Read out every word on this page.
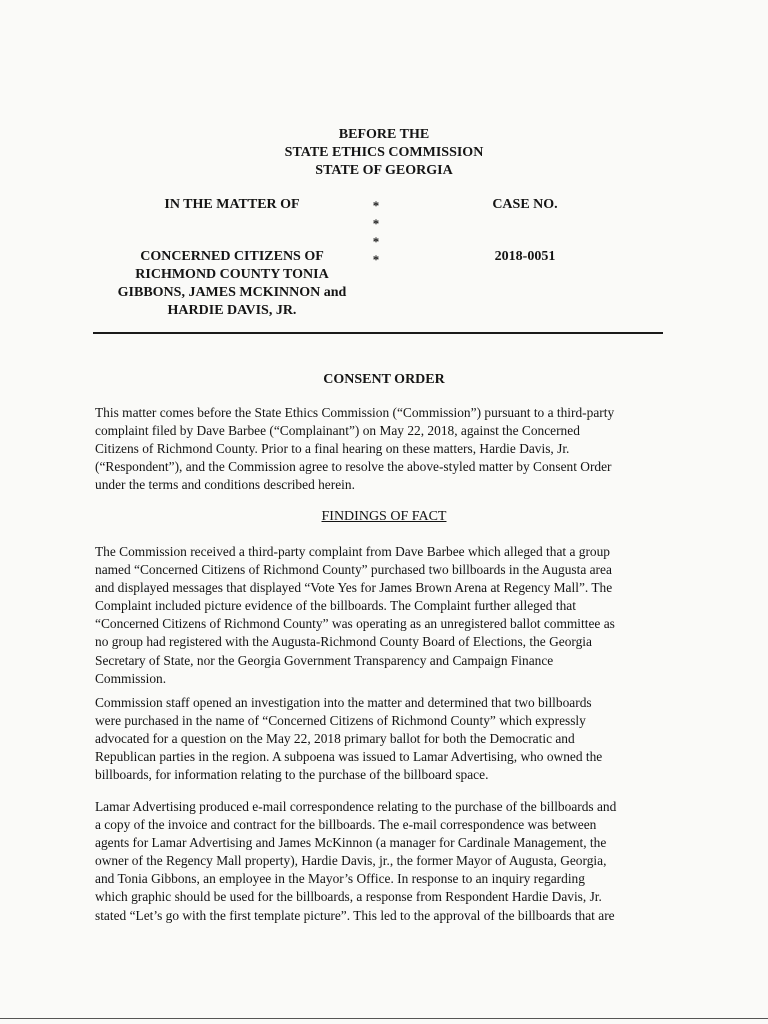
BEFORE THE
STATE ETHICS COMMISSION
STATE OF GEORGIA
IN THE MATTER OF	CASE NO.
*
*
*
*
CONCERNED CITIZENS OF
RICHMOND COUNTY TONIA
GIBBONS, JAMES MCKINNON and
HARDIE DAVIS, JR.
2018-0051
CONSENT ORDER
This matter comes before the State Ethics Commission (“Commission”) pursuant to a third-party
complaint filed by Dave Barbee (“Complainant”) on May 22, 2018, against the Concerned
Citizens of Richmond County. Prior to a final hearing on these matters, Hardie Davis, Jr.
(“Respondent”), and the Commission agree to resolve the above-styled matter by Consent Order
under the terms and conditions described herein.
FINDINGS OF FACT
The Commission received a third-party complaint from Dave Barbee which alleged that a group
named “Concerned Citizens of Richmond County” purchased two billboards in the Augusta area
and displayed messages that displayed “Vote Yes for James Brown Arena at Regency Mall”. The
Complaint included picture evidence of the billboards. The Complaint further alleged that
“Concerned Citizens of Richmond County” was operating as an unregistered ballot committee as
no group had registered with the Augusta-Richmond County Board of Elections, the Georgia
Secretary of State, nor the Georgia Government Transparency and Campaign Finance
Commission.
Commission staff opened an investigation into the matter and determined that two billboards
were purchased in the name of “Concerned Citizens of Richmond County” which expressly
advocated for a question on the May 22, 2018 primary ballot for both the Democratic and
Republican parties in the region. A subpoena was issued to Lamar Advertising, who owned the
billboards, for information relating to the purchase of the billboard space.
Lamar Advertising produced e-mail correspondence relating to the purchase of the billboards and
a copy of the invoice and contract for the billboards. The e-mail correspondence was between
agents for Lamar Advertising and James McKinnon (a manager for Cardinale Management, the
owner of the Regency Mall property), Hardie Davis, jr., the former Mayor of Augusta, Georgia,
and Tonia Gibbons, an employee in the Mayor’s Office. In response to an inquiry regarding
which graphic should be used for the billboards, a response from Respondent Hardie Davis, Jr.
stated “Let’s go with the first template picture”. This led to the approval of the billboards that are
